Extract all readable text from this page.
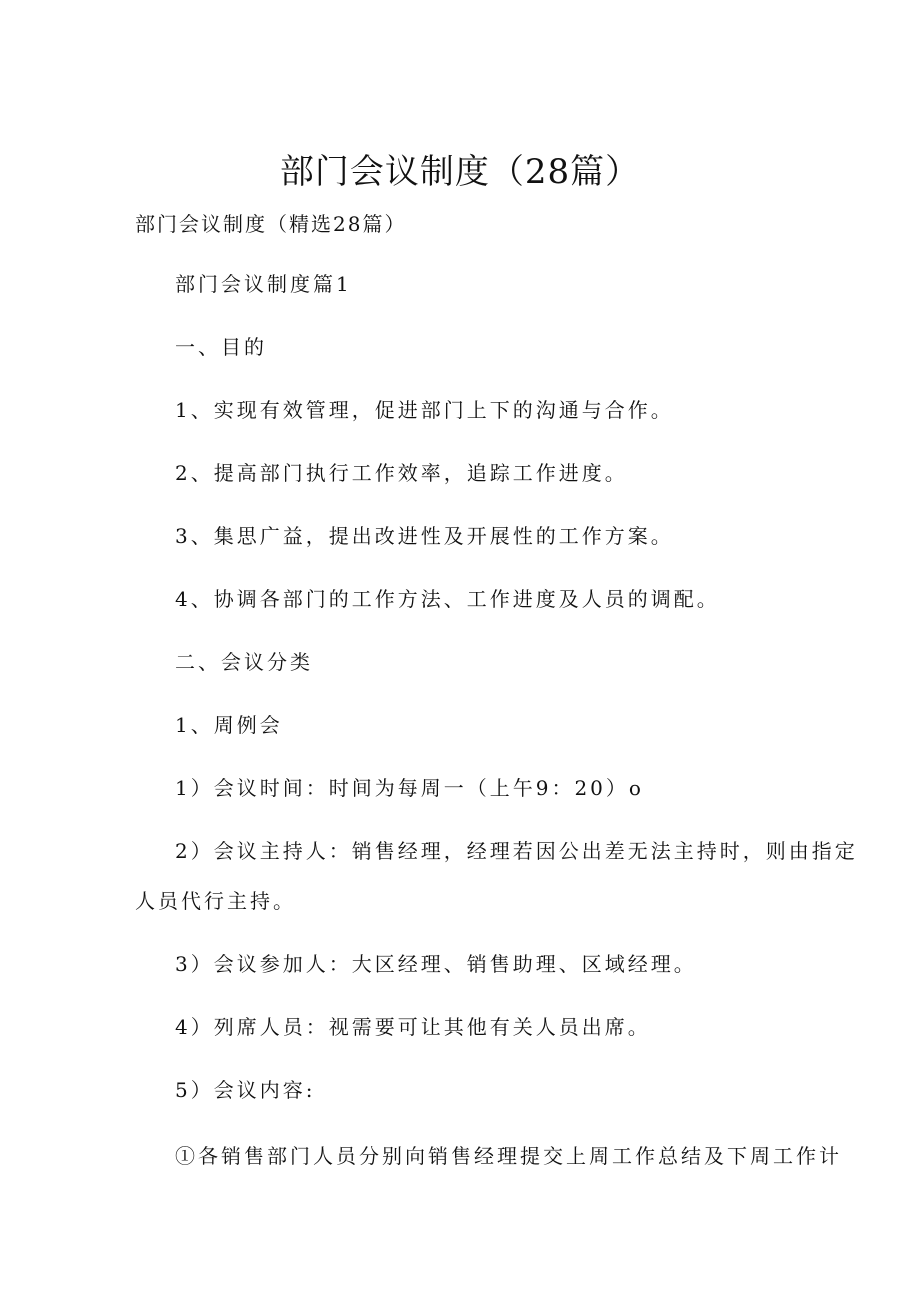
部门会议制度（28篇）
部门会议制度（精选28篇）
部门会议制度篇1
一、目的
1、实现有效管理，促进部门上下的沟通与合作。
2、提高部门执行工作效率，追踪工作进度。
3、集思广益，提出改进性及开展性的工作方案。
4、协调各部门的工作方法、工作进度及人员的调配。
二、会议分类
1、周例会
1）会议时间：时间为每周一（上午9：20）o
2）会议主持人：销售经理，经理若因公出差无法主持时，则由指定
人员代行主持。
3）会议参加人：大区经理、销售助理、区域经理。
4）列席人员：视需要可让其他有关人员出席。
5）会议内容:
①各销售部门人员分别向销售经理提交上周工作总结及下周工作计
